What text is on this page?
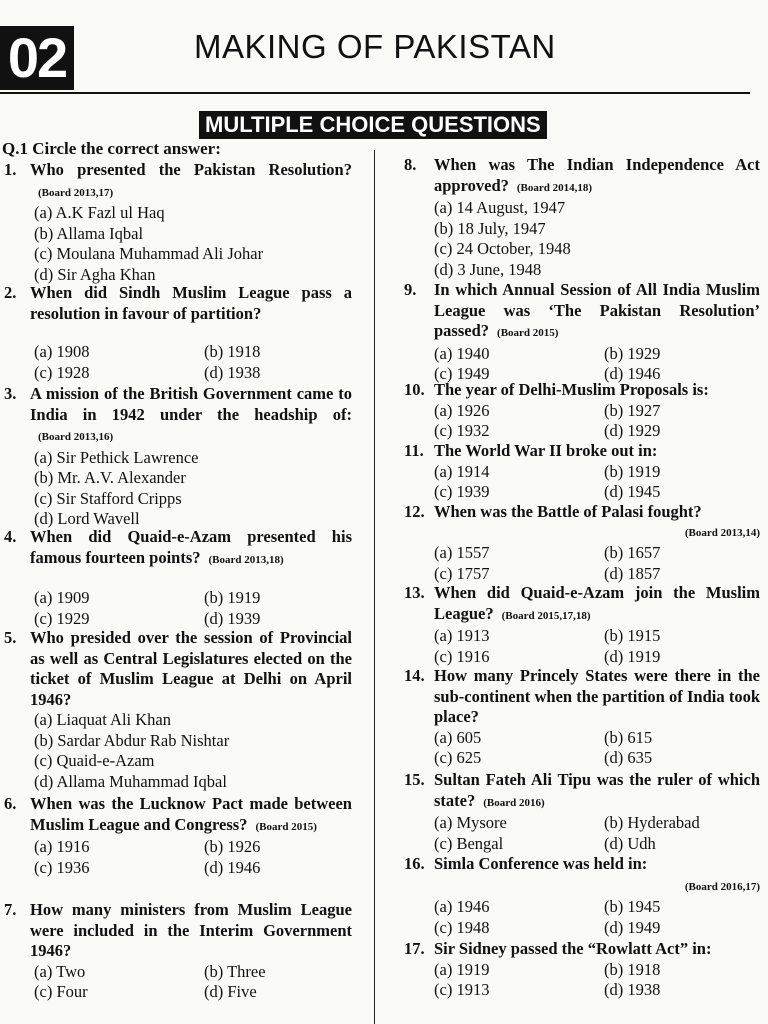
02	MAKING OF PAKISTAN
MULTIPLE CHOICE QUESTIONS
Q.1 Circle the correct answer:
1. Who presented the Pakistan Resolution?(Board 2013,17)
(a) A.K Fazl ul Haq
(b) Allama Iqbal
(c) Moulana Muhammad Ali Johar
(d) Sir Agha Khan
2. When did Sindh Muslim League pass a resolution in favour of partition?
(a) 1908	(b) 1918
(c) 1928	(d) 1938
3. A mission of the British Government came to India in 1942 under the headship of:(Board 2013,16)
(a) Sir Pethick Lawrence
(b) Mr. A.V. Alexander
(c) Sir Stafford Cripps
(d) Lord Wavell
4. When did Quaid-e-Azam presented his famous fourteen points? (Board 2013,18)
(a) 1909	(b) 1919
(c) 1929	(d) 1939
5. Who presided over the session of Provincial as well as Central Legislatures elected on the ticket of Muslim League at Delhi on April 1946?
(a) Liaquat Ali Khan
(b) Sardar Abdur Rab Nishtar
(c) Quaid-e-Azam
(d) Allama Muhammad Iqbal
6. When was the Lucknow Pact made between Muslim League and Congress? (Board 2015)
(a) 1916	(b) 1926
(c) 1936	(d) 1946
7. How many ministers from Muslim League were included in the Interim Government 1946?
(a) Two	(b) Three
(c) Four	(d) Five
8.	When was The Indian Independence Act approved? (Board 2014,18)
(a) 14 August, 1947
(b) 18 July, 1947
(c) 24 October, 1948
(d) 3 June, 1948
9.	In which Annual Session of All India Muslim League was ‘The Pakistan Resolution’ passed? (Board 2015)
(a) 1940	(b) 1929
(c) 1949	(d) 1946
10. The year of Delhi-Muslim Proposals is:
(a) 1926	(b) 1927
(c) 1932	(d) 1929
11. The World War II broke out in:
(a) 1914	(b) 1919
(c) 1939	(d) 1945
12. When was the Battle of Palasi fought?
(Board 2013,14)
(a) 1557	(b) 1657
(c) 1757	(d) 1857
13. When did Quaid-e-Azam join the Muslim League? (Board 2015,17,18)
(a) 1913	(b) 1915
(c) 1916	(d) 1919
14. How many Princely States were there in the sub-continent when the partition of India took place?
(a) 605	(b) 615
(c) 625	(d) 635
15. Sultan Fateh Ali Tipu was the ruler of which state? (Board 2016)
(a) Mysore	(b) Hyderabad
(c) Bengal	(d) Udh
16. Simla Conference was held in:
(Board 2016,17)
(a) 1946	(b) 1945
(c) 1948	(d) 1949
17. Sir Sidney passed the “Rowlatt Act” in:
(a) 1919	(b) 1918
(c) 1913	(d) 1938
